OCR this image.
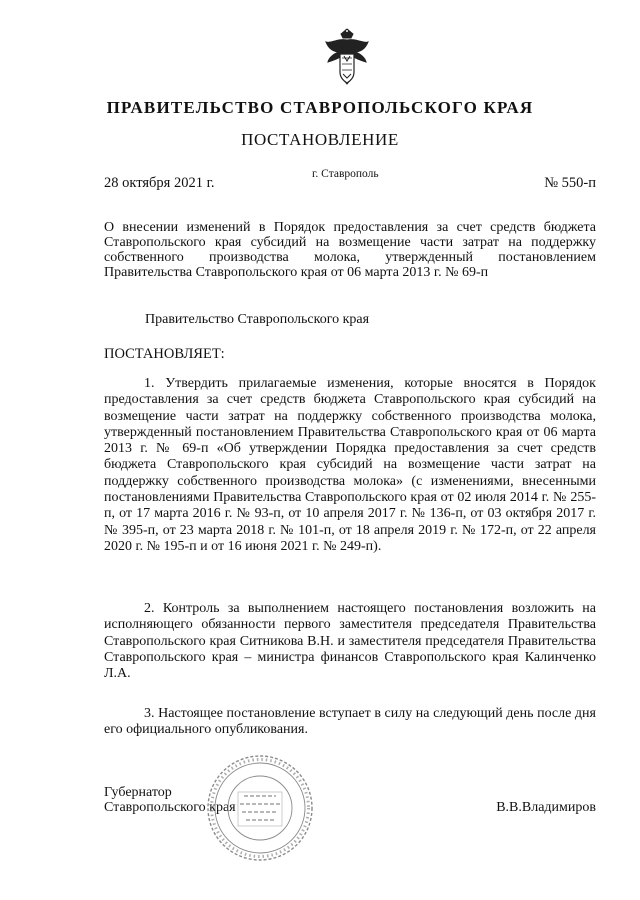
ПРАВИТЕЛЬСТВО СТАВРОПОЛЬСКОГО КРАЯ
ПОСТАНОВЛЕНИЕ
28 октября 2021 г.
г. Ставрополь
№ 550-п
О внесении изменений в Порядок предоставления за счет средств бюджета Ставропольского края субсидий на возмещение части затрат на поддержку собственного производства молока, утвержденный постановлением Правительства Ставропольского края от 06 марта 2013 г. № 69-п
Правительство Ставропольского края
ПОСТАНОВЛЯЕТ:
1. Утвердить прилагаемые изменения, которые вносятся в Порядок предоставления за счет средств бюджета Ставропольского края субсидий на возмещение части затрат на поддержку собственного производства молока, утвержденный постановлением Правительства Ставропольского края от 06 марта 2013 г. № 69-п «Об утверждении Порядка предоставления за счет средств бюджета Ставропольского края субсидий на возмещение части затрат на поддержку собственного производства молока» (с изменениями, внесенными постановлениями Правительства Ставропольского края от 02 июля 2014 г. № 255-п, от 17 марта 2016 г. № 93-п, от 10 апреля 2017 г. № 136-п, от 03 октября 2017 г. № 395-п, от 23 марта 2018 г. № 101-п, от 18 апреля 2019 г. № 172-п, от 22 апреля 2020 г. № 195-п и от 16 июня 2021 г. № 249-п).
2. Контроль за выполнением настоящего постановления возложить на исполняющего обязанности первого заместителя председателя Правительства Ставропольского края Ситникова В.Н. и заместителя председателя Правительства Ставропольского края – министра финансов Ставропольского края Калинченко Л.А.
3. Настоящее постановление вступает в силу на следующий день после дня его официального опубликования.
Губернатор
Ставропольского края	В.В.Владимиров
